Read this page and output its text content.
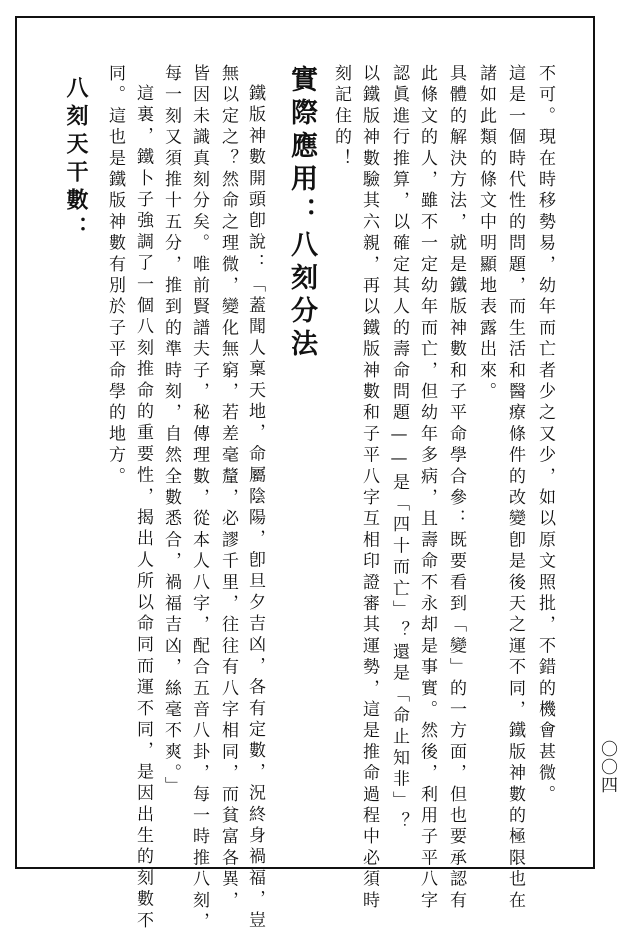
〇〇四
不可。現在時移勢易，幼年而亡者少之又少，如以原文照批，不錯的機會甚微。
這是一個時代性的問題，而生活和醫療條件的改變卽是後天之運不同，鐵版神數的極限也在
諸如此類的條文中明顯地表露出來。
具體的解決方法，就是鐵版神數和子平命學合參：既要看到「變」的一方面，但也要承認有
此條文的人，雖不一定幼年而亡，但幼年多病，且壽命不永却是事實。然後，利用子平八字
認眞進行推算，以確定其人的壽命問題——是「四十而亡」？還是「命止知非」？
以鐵版神數驗其六親，再以鐵版神數和子平八字互相印證審其運勢，這是推命過程中必須時
刻記住的！
實際應用：八刻分法
鐵版神數開頭卽說：「蓋聞人稟天地，命屬陰陽，卽旦夕吉凶，各有定數，況終身禍福，豈
無以定之？然命之理微，變化無窮，若差毫釐，必謬千里，往往有八字相同，而貧富各異，
皆因未識真刻分矣。唯前賢譜夫子，秘傳理數，從本人八字，配合五音八卦，每一時推八刻，
每一刻又須推十五分，推到的準時刻，自然全數悉合，禍福吉凶，絲毫不爽。」
這裏，鐵卜子強調了一個八刻推命的重要性，揭出人所以命同而運不同，是因出生的刻數不
同。這也是鐵版神數有別於子平命學的地方。
八刻天干數：
